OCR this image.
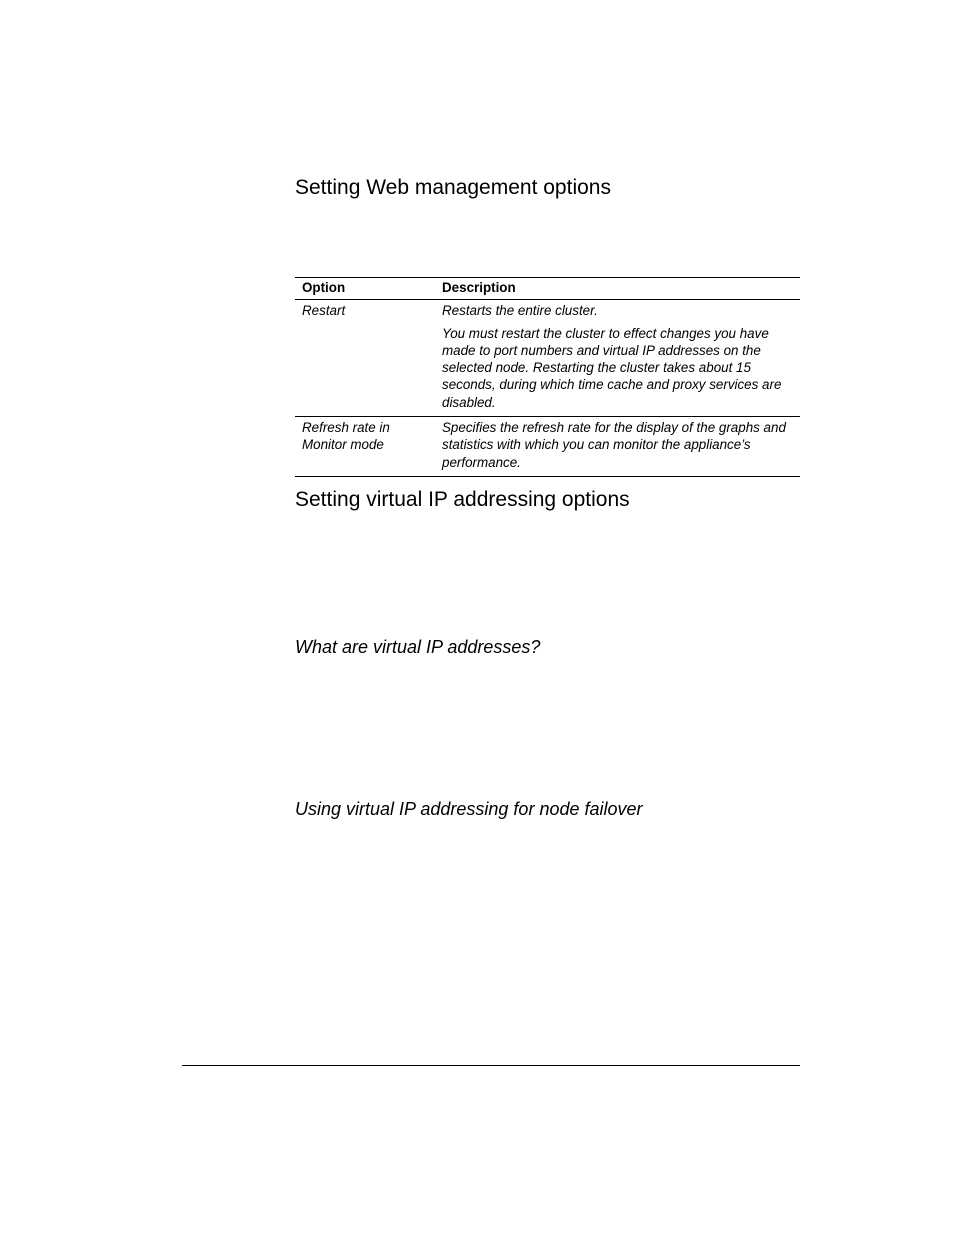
Setting Web management options
Option	Description
Restart	Restarts the entire cluster.

You must restart the cluster to effect changes you have made to port numbers and virtual IP addresses on the selected node. Restarting the cluster takes about 15 seconds, during which time cache and proxy services are disabled.

Refresh rate in Monitor mode	Specifies the refresh rate for the display of the graphs and statistics with which you can monitor the appliance’s performance.

Setting virtual IP addressing options
What are virtual IP addresses?
Using virtual IP addressing for node failover
